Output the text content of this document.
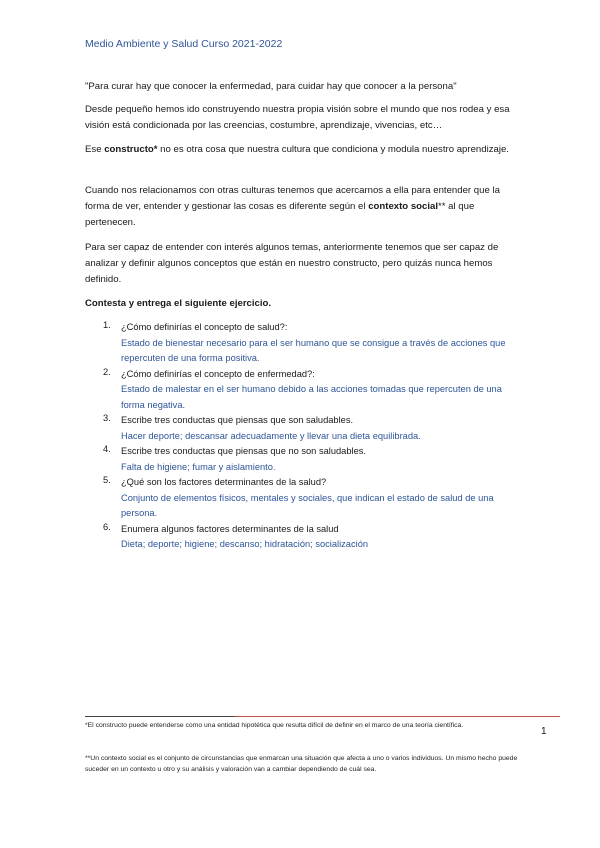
Medio Ambiente y Salud Curso 2021-2022
"Para curar hay que conocer la enfermedad, para cuidar hay que conocer a la persona"
Desde pequeño hemos ido construyendo nuestra propia visión sobre el mundo que nos rodea y esa visión está condicionada por las creencias, costumbre, aprendizaje, vivencias, etc…
Ese constructo* no es otra cosa que nuestra cultura que condiciona y modula nuestro aprendizaje.
Cuando nos relacionamos con otras culturas tenemos que acercarnos a ella para entender que la forma de ver, entender y gestionar las cosas es diferente según el contexto social** al que pertenecen.
Para ser capaz de entender con interés algunos temas, anteriormente tenemos que ser capaz de analizar y definir algunos conceptos que están en nuestro constructo, pero quizás nunca hemos definido.
Contesta y entrega el siguiente ejercicio.
1. ¿Cómo definirías el concepto de salud?:
Estado de bienestar necesario para el ser humano que se consigue a través de acciones que repercuten de una forma positiva.
2. ¿Cómo definirías el concepto de enfermedad?:
Estado de malestar en el ser humano debido a las acciones tomadas que repercuten de una forma negativa.
3. Escribe tres conductas que piensas que son saludables.
Hacer deporte; descansar adecuadamente y llevar una dieta equilibrada.
4. Escribe tres conductas que piensas que no son saludables.
Falta de higiene; fumar y aislamiento.
5. ¿Qué son los factores determinantes de la salud?
Conjunto de elementos físicos, mentales y sociales, que indican el estado de salud de una persona.
6. Enumera algunos factores determinantes de la salud
Dieta; deporte; higiene; descanso; hidratación; socialización
*El constructo puede entenderse como una entidad hipotética que resulta difícil de definir en el marco de una teoría científica.
**Un contexto social es el conjunto de circunstancias que enmarcan una situación que afecta a uno o varios individuos. Un mismo hecho puede suceder en un contexto u otro y su análisis y valoración van a cambiar dependiendo de cuál sea.
1
